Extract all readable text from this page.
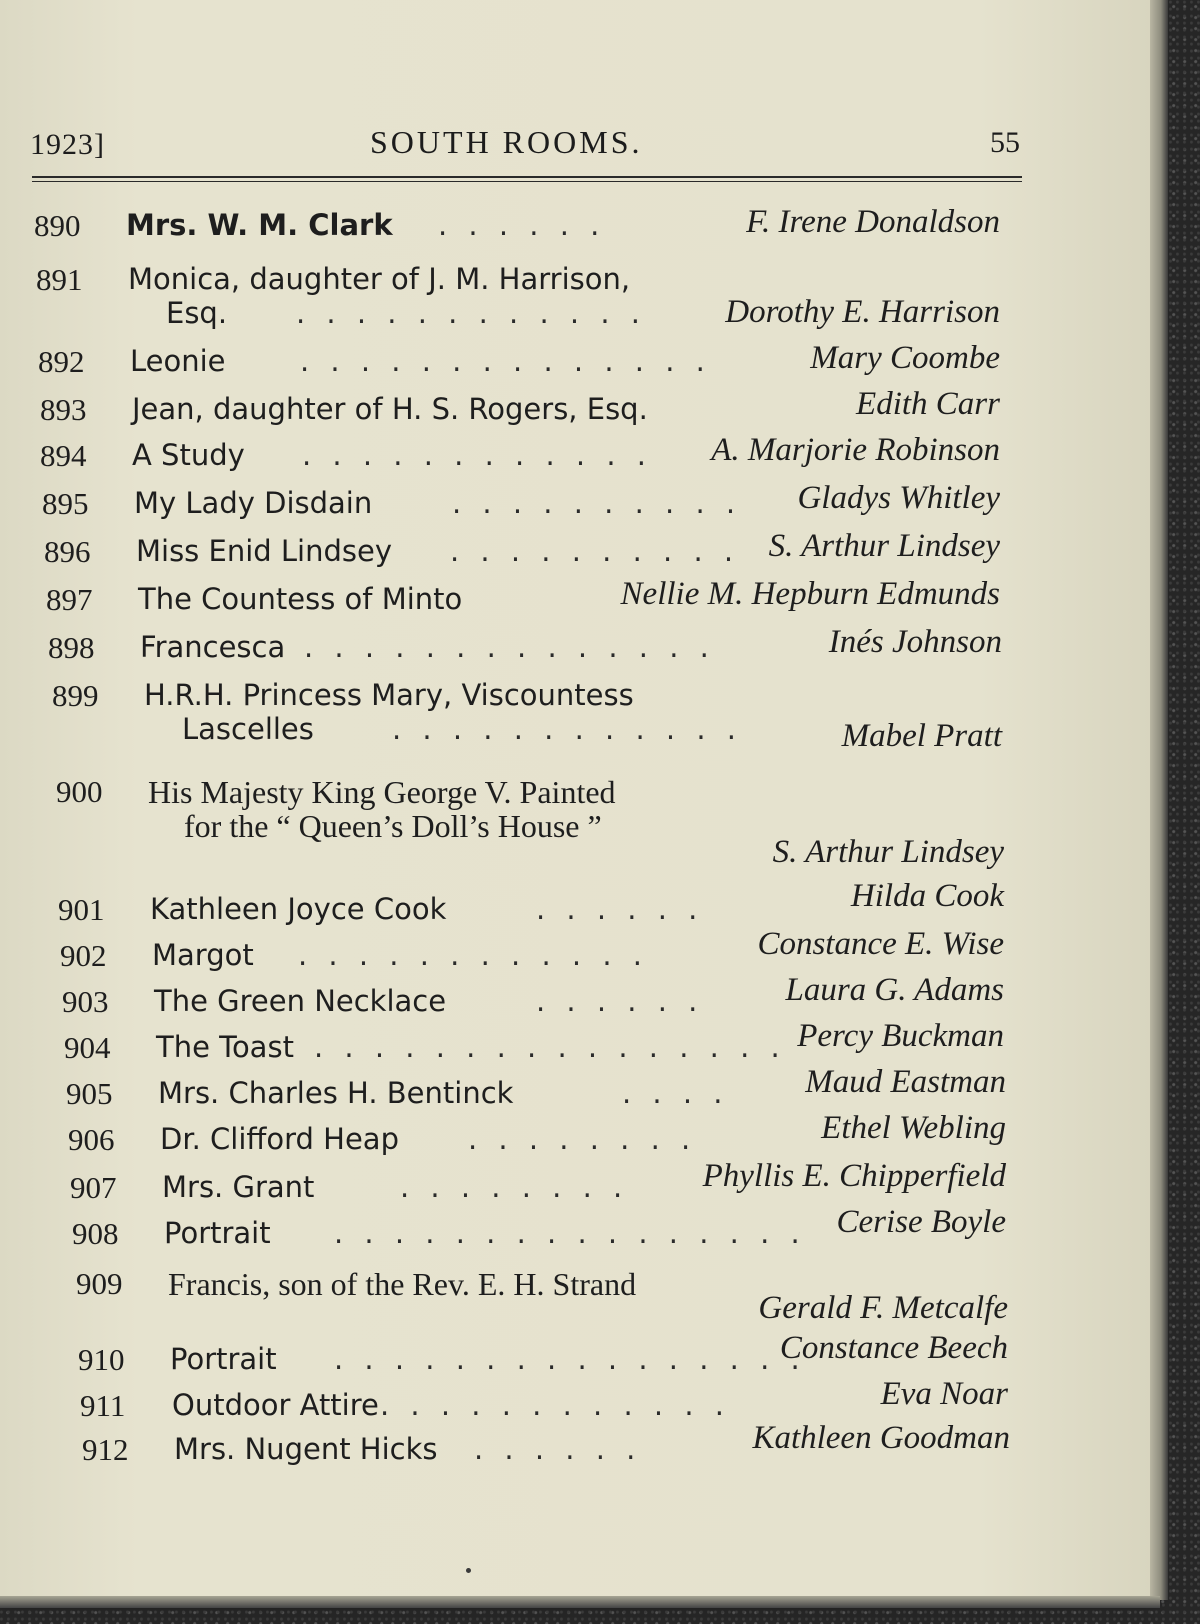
1923]	SOUTH ROOMS.	55
890 Mrs. W. M. Clark . . . . . .	F. Irene Donaldson
891 Monica, daughter of J. M. Harrison,
Esq. . . . . . . . . . . . . Dorothy E. Harrison
892 Leonie	. . . . . . . . . . . . . .	Mary Coombe
893 Jean, daughter of H. S. Rogers, Esq.	Edith Carr
894 A Study . . . . . . . . . . . . A. Marjorie Robinson
895 My Lady Disdain	. . . . . . . . . . Gladys Whitley
896 Miss Enid Lindsey . . . . . . . . . . S. Arthur Lindsey
897 The Countess of Minto	Nellie M. Hepburn Edmunds
898 Francesca . . . . . . . . . . . . . .	Inés Johnson
899 H.R.H. Princess Mary, Viscountess
Lascelles	. . . . . . . . . . . .	Mabel Pratt
900 His Majesty King George V. Painted
for the “ Queen’s Doll’s House ”
S. Arthur Lindsey
901 Kathleen Joyce Cook	. . . . . .	Hilda Cook
902 Margot . . . . . . . . . . . .	Constance E. Wise
903 The Green Necklace	. . . . . . Laura G. Adams
904 The Toast . . . . . . . . . . . . . . . . Percy Buckman
905 Mrs. Charles H. Bentinck	. . . . Maud Eastman
906 Dr. Clifford Heap . . . . . . . .	Ethel Webling
907 Mrs. Grant	. . . . . . . . Phyllis E. Chipperfield
908 Portrait . . . . . . . . . . . . . . . . Cerise Boyle
909 Francis, son of the Rev. E. H. Strand
Gerald F. Metcalfe
910 Portrait . . . . . . . . . . . . . . . .
Constance Beech
911 Outdoor Attire . . . . . . . . . . . .	Eva Noar
912 Mrs. Nugent Hicks . . . . . .	Kathleen Goodman
